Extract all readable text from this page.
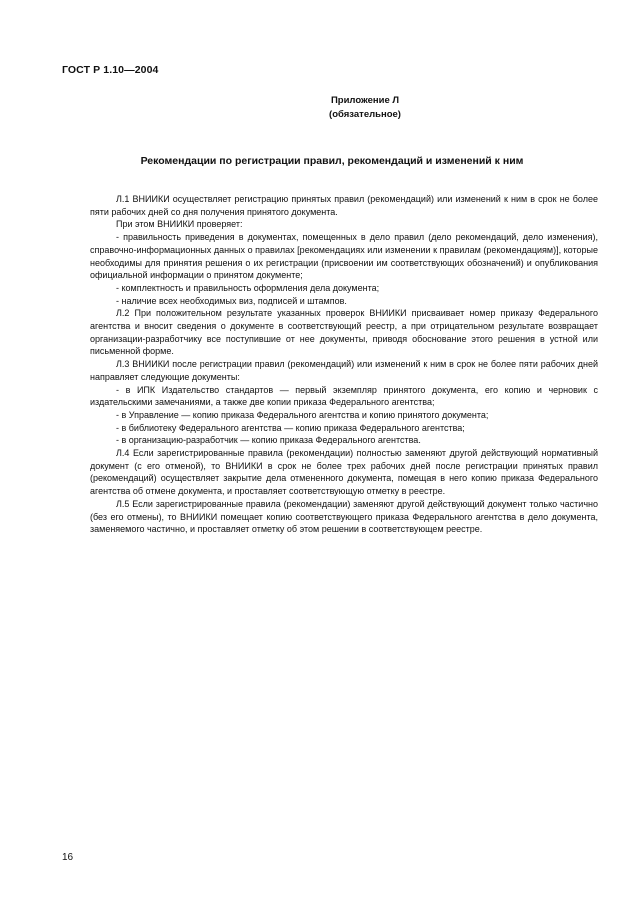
ГОСТ Р 1.10—2004
Приложение Л
(обязательное)
Рекомендации по регистрации правил, рекомендаций и изменений к ним

Л.1 ВНИИКИ осуществляет регистрацию принятых правил (рекомендаций) или изменений к ним в срок не более пяти рабочих дней со дня получения принятого документа.

При этом ВНИИКИ проверяет:

- правильность приведения в документах, помещенных в дело правил (дело рекомендаций, дело изменения), справочно-информационных данных о правилах [рекомендациях или изменении к правилам (рекомендациям)], которые необходимы для принятия решения о их регистрации (присвоении им соответствующих обозначений) и опубликования официальной информации о принятом документе;

- комплектность и правильность оформления дела документа;

- наличие всех необходимых виз, подписей и штампов.

Л.2 При положительном результате указанных проверок ВНИИКИ присваивает номер приказу Федерального агентства и вносит сведения о документе в соответствующий реестр, а при отрицательном результате возвращает организации-разработчику все поступившие от нее документы, приводя обоснование этого решения в устной или письменной форме.

Л.3 ВНИИКИ после регистрации правил (рекомендаций) или изменений к ним в срок не более пяти рабочих дней направляет следующие документы:

- в ИПК Издательство стандартов — первый экземпляр принятого документа, его копию и черновик с издательскими замечаниями, а также две копии приказа Федерального агентства;

- в Управление — копию приказа Федерального агентства и копию принятого документа;

- в библиотеку Федерального агентства — копию приказа Федерального агентства;

- в организацию-разработчик — копию приказа Федерального агентства.

Л.4 Если зарегистрированные правила (рекомендации) полностью заменяют другой действующий нормативный документ (с его отменой), то ВНИИКИ в срок не более трех рабочих дней после регистрации принятых правил (рекомендаций) осуществляет закрытие дела отмененного документа, помещая в него копию приказа Федерального агентства об отмене документа, и проставляет соответствующую отметку в реестре.

Л.5 Если зарегистрированные правила (рекомендации) заменяют другой действующий документ только частично (без его отмены), то ВНИИКИ помещает копию соответствующего приказа Федерального агентства в дело документа, заменяемого частично, и проставляет отметку об этом решении в соответствующем реестре.

16
